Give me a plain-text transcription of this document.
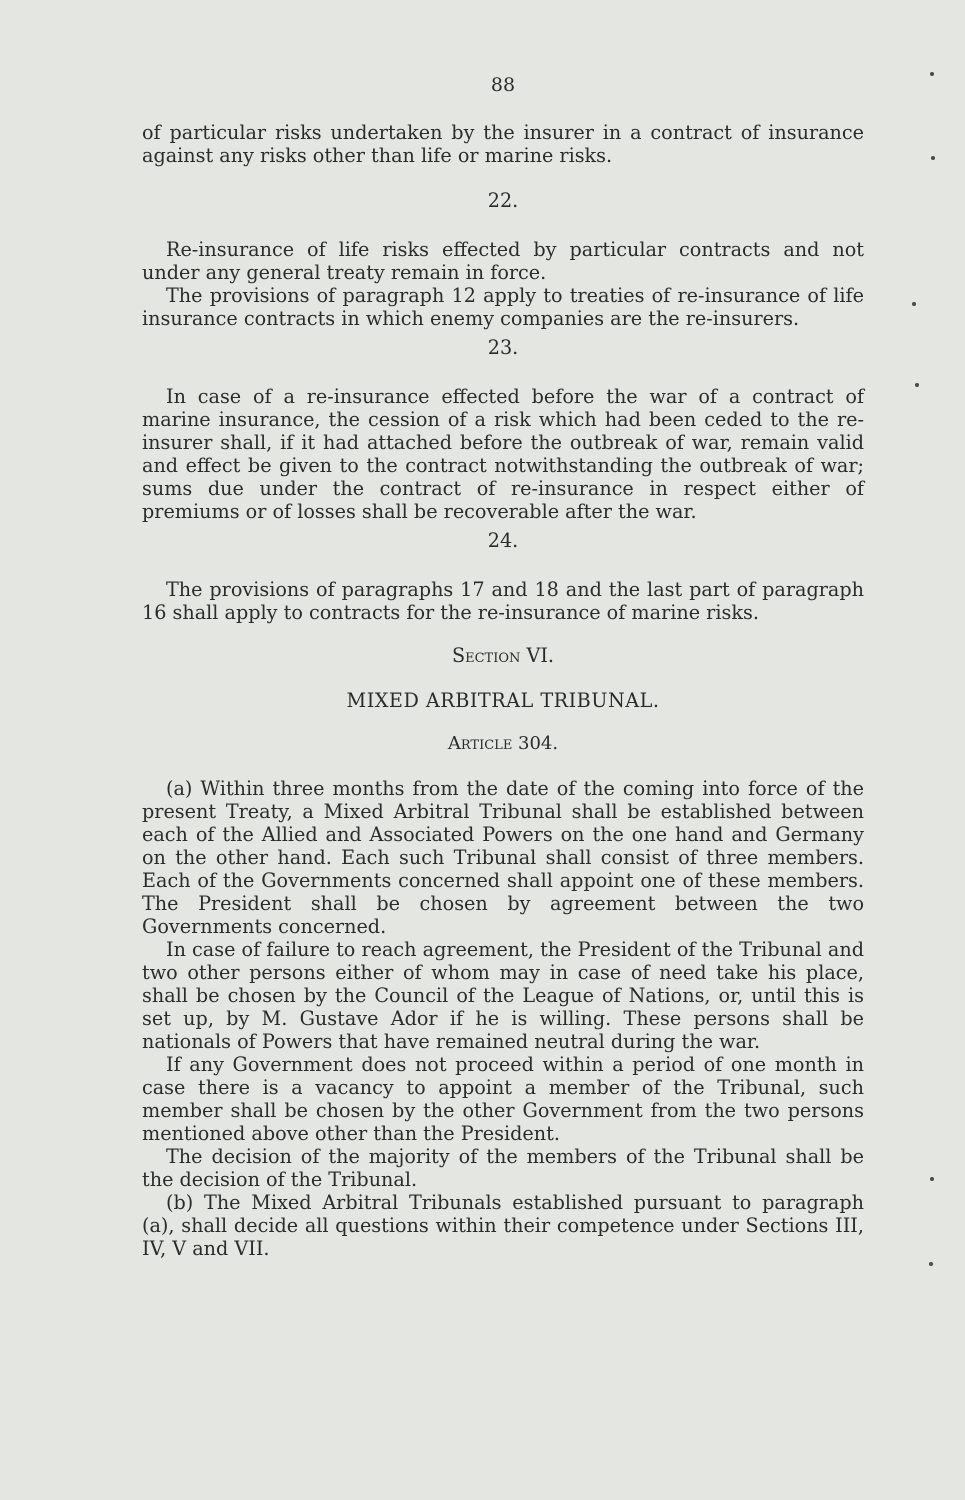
88

of particular risks undertaken by the insurer in a contract of insurance against any risks other than life or marine risks.

22.

Re-insurance of life risks effected by particular contracts and not under any general treaty remain in force.

The provisions of paragraph 12 apply to treaties of re-insurance of life insurance contracts in which enemy companies are the re-insurers.

23.

In case of a re-insurance effected before the war of a contract of marine insurance, the cession of a risk which had been ceded to the re-insurer shall, if it had attached before the outbreak of war, remain valid and effect be given to the contract notwithstanding the outbreak of war; sums due under the contract of re-insurance in respect either of premiums or of losses shall be recoverable after the war.

24.

The provisions of paragraphs 17 and 18 and the last part of paragraph 16 shall apply to contracts for the re-insurance of marine risks.

Section VI.
MIXED ARBITRAL TRIBUNAL.
Article 304.

(a) Within three months from the date of the coming into force of the present Treaty, a Mixed Arbitral Tribunal shall be established between each of the Allied and Associated Powers on the one hand and Germany on the other hand. Each such Tribunal shall consist of three members. Each of the Governments concerned shall appoint one of these members. The President shall be chosen by agreement between the two Governments concerned.

In case of failure to reach agreement, the President of the Tribunal and two other persons either of whom may in case of need take his place, shall be chosen by the Council of the League of Nations, or, until this is set up, by M. Gustave Ador if he is willing. These persons shall be nationals of Powers that have remained neutral during the war.

If any Government does not proceed within a period of one month in case there is a vacancy to appoint a member of the Tribunal, such member shall be chosen by the other Government from the two persons mentioned above other than the President.

The decision of the majority of the members of the Tribunal shall be the decision of the Tribunal.

(b) The Mixed Arbitral Tribunals established pursuant to paragraph (a), shall decide all questions within their competence under Sections III, IV, V and VII.
